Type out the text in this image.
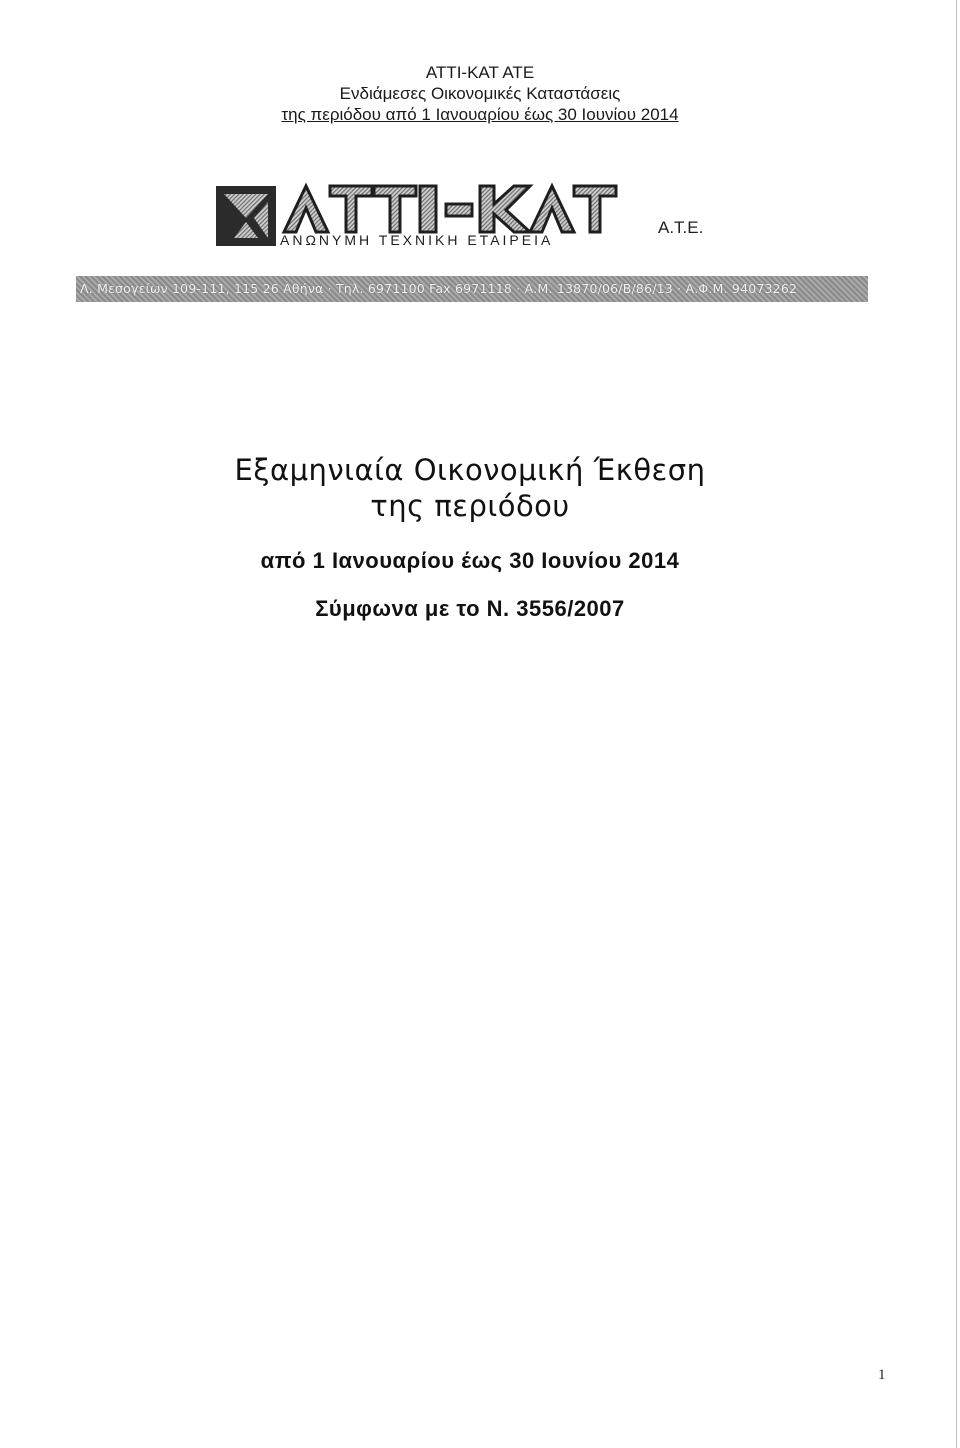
ATTI-KAT ATE
Ενδιάμεσες Οικονομικές Καταστάσεις
της περιόδου από 1 Ιανουαρίου έως 30 Ιουνίου 2014
ΑΝΩΝΥΜΗ ΤΕΧΝΙΚΗ ΕΤΑΙΡΕΙΑ
A.T.E.
Λ. Μεσογείων 109-111, 115 26 Αθήνα · Τηλ. 6971100 Fax 6971118 · Α.Μ. 13870/06/Β/86/13 · Α.Φ.Μ. 94073262
Εξαμηνιαία Οικονομική Έκθεση
της περιόδου
από 1 Ιανουαρίου έως 30 Ιουνίου 2014
Σύμφωνα με το Ν. 3556/2007
1
